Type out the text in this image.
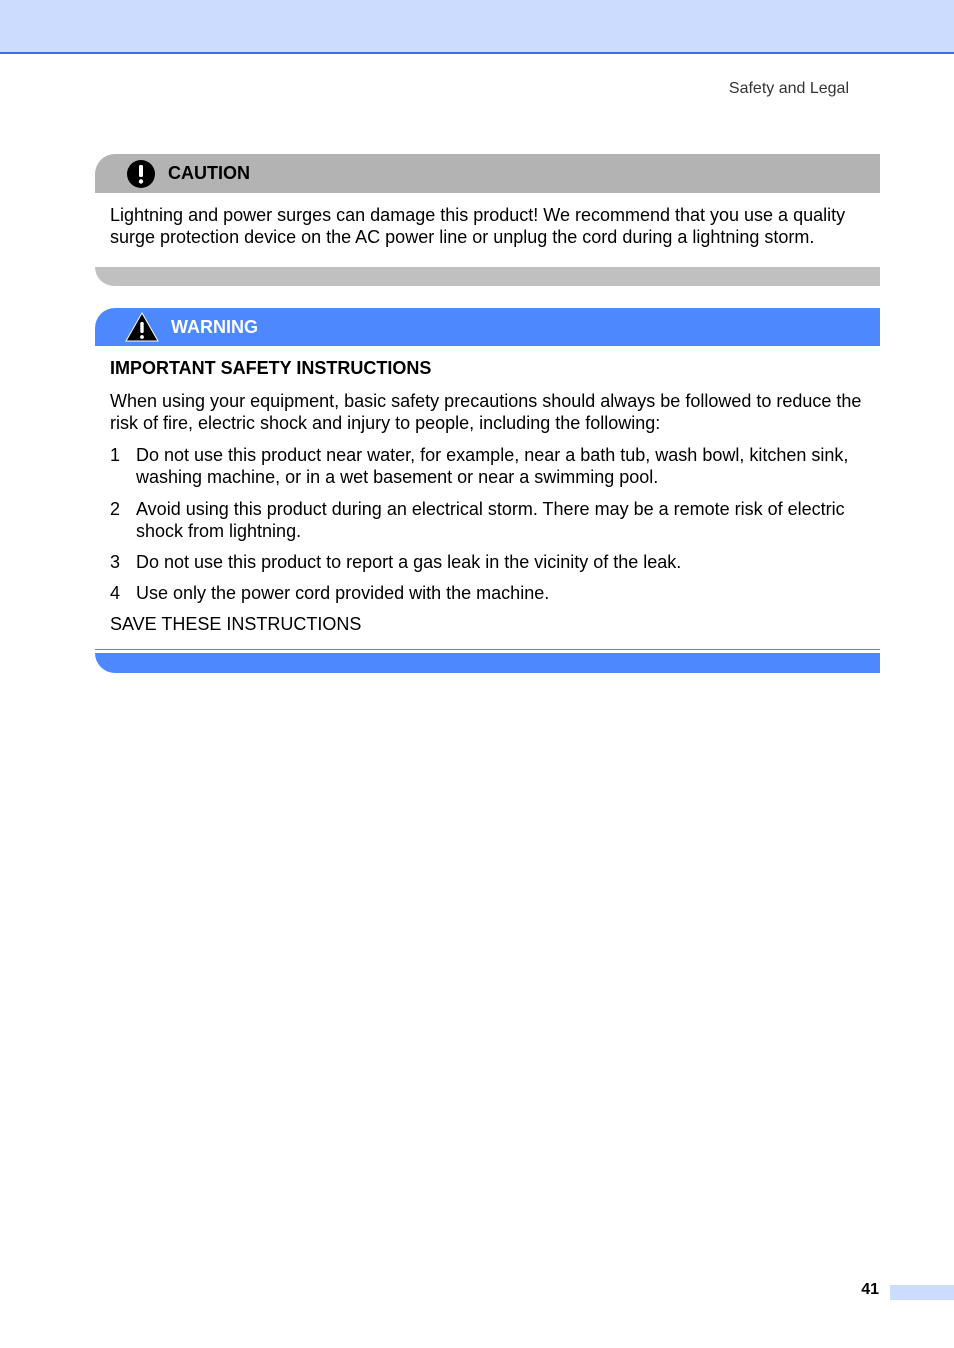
Safety and Legal
CAUTION
Lightning and power surges can damage this product! We recommend that you use a quality surge protection device on the AC power line or unplug the cord during a lightning storm.
WARNING
IMPORTANT SAFETY INSTRUCTIONS
When using your equipment, basic safety precautions should always be followed to reduce the risk of fire, electric shock and injury to people, including the following:
1 Do not use this product near water, for example, near a bath tub, wash bowl, kitchen sink, washing machine, or in a wet basement or near a swimming pool.
2 Avoid using this product during an electrical storm. There may be a remote risk of electric shock from lightning.
3 Do not use this product to report a gas leak in the vicinity of the leak.
4 Use only the power cord provided with the machine.
SAVE THESE INSTRUCTIONS
41
